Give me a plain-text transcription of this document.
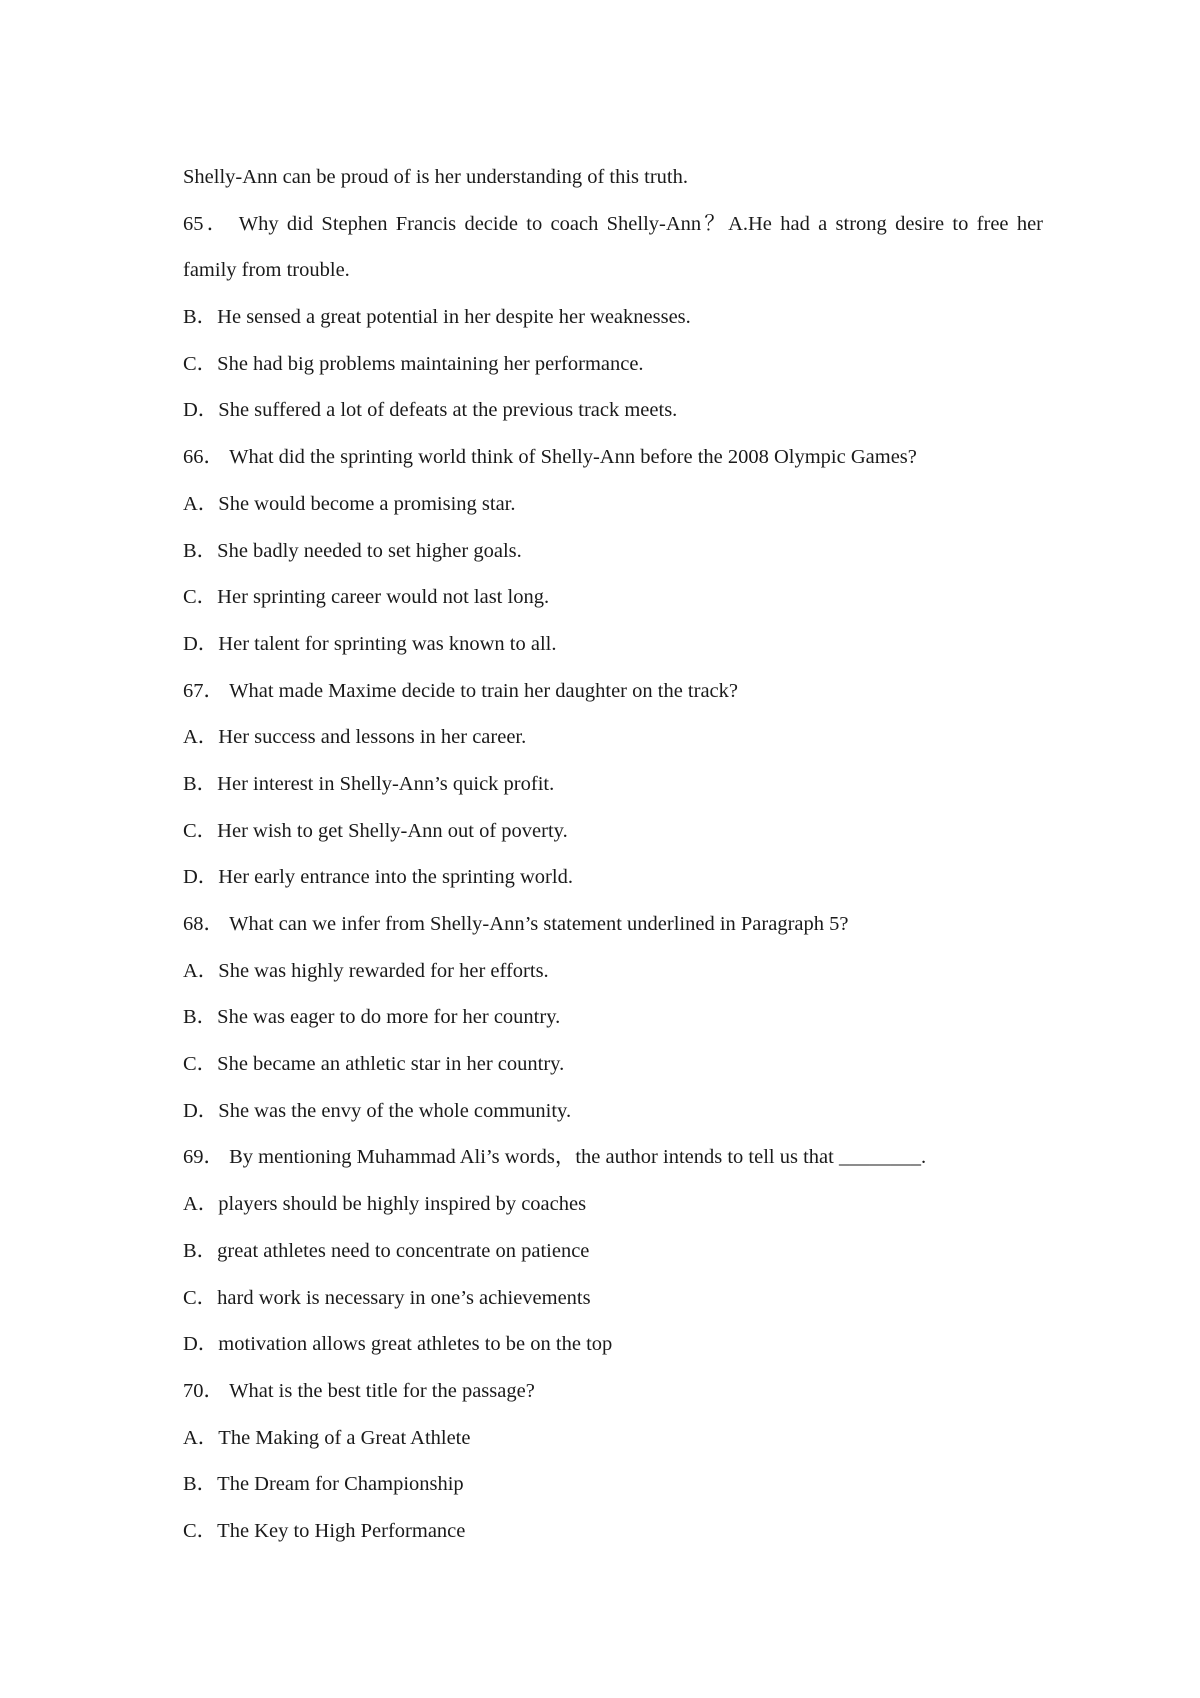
Shelly-Ann can be proud of is her understanding of this truth.
65． Why did Stephen Francis decide to coach Shelly-Ann？A.He had a strong desire to free her
family from trouble.
B．He sensed a great potential in her despite her weaknesses.
C．She had big problems maintaining her performance.
D．She suffered a lot of defeats at the previous track meets.
66． What did the sprinting world think of Shelly-Ann before the 2008 Olympic Games?
A．She would become a promising star.
B．She badly needed to set higher goals.
C．Her sprinting career would not last long.
D．Her talent for sprinting was known to all.
67． What made Maxime decide to train her daughter on the track?
A．Her success and lessons in her career.
B．Her interest in Shelly-Ann’s quick profit.
C．Her wish to get Shelly-Ann out of poverty.
D．Her early entrance into the sprinting world.
68． What can we infer from Shelly-Ann’s statement underlined in Paragraph 5?
A．She was highly rewarded for her efforts.
B．She was eager to do more for her country.
C．She became an athletic star in her country.
D．She was the envy of the whole community.
69． By mentioning Muhammad Ali’s words，the author intends to tell us that ________.
A．players should be highly inspired by coaches
B．great athletes need to concentrate on patience
C．hard work is necessary in one’s achievements
D．motivation allows great athletes to be on the top
70． What is the best title for the passage?
A．The Making of a Great Athlete
B．The Dream for Championship
C．The Key to High Performance
